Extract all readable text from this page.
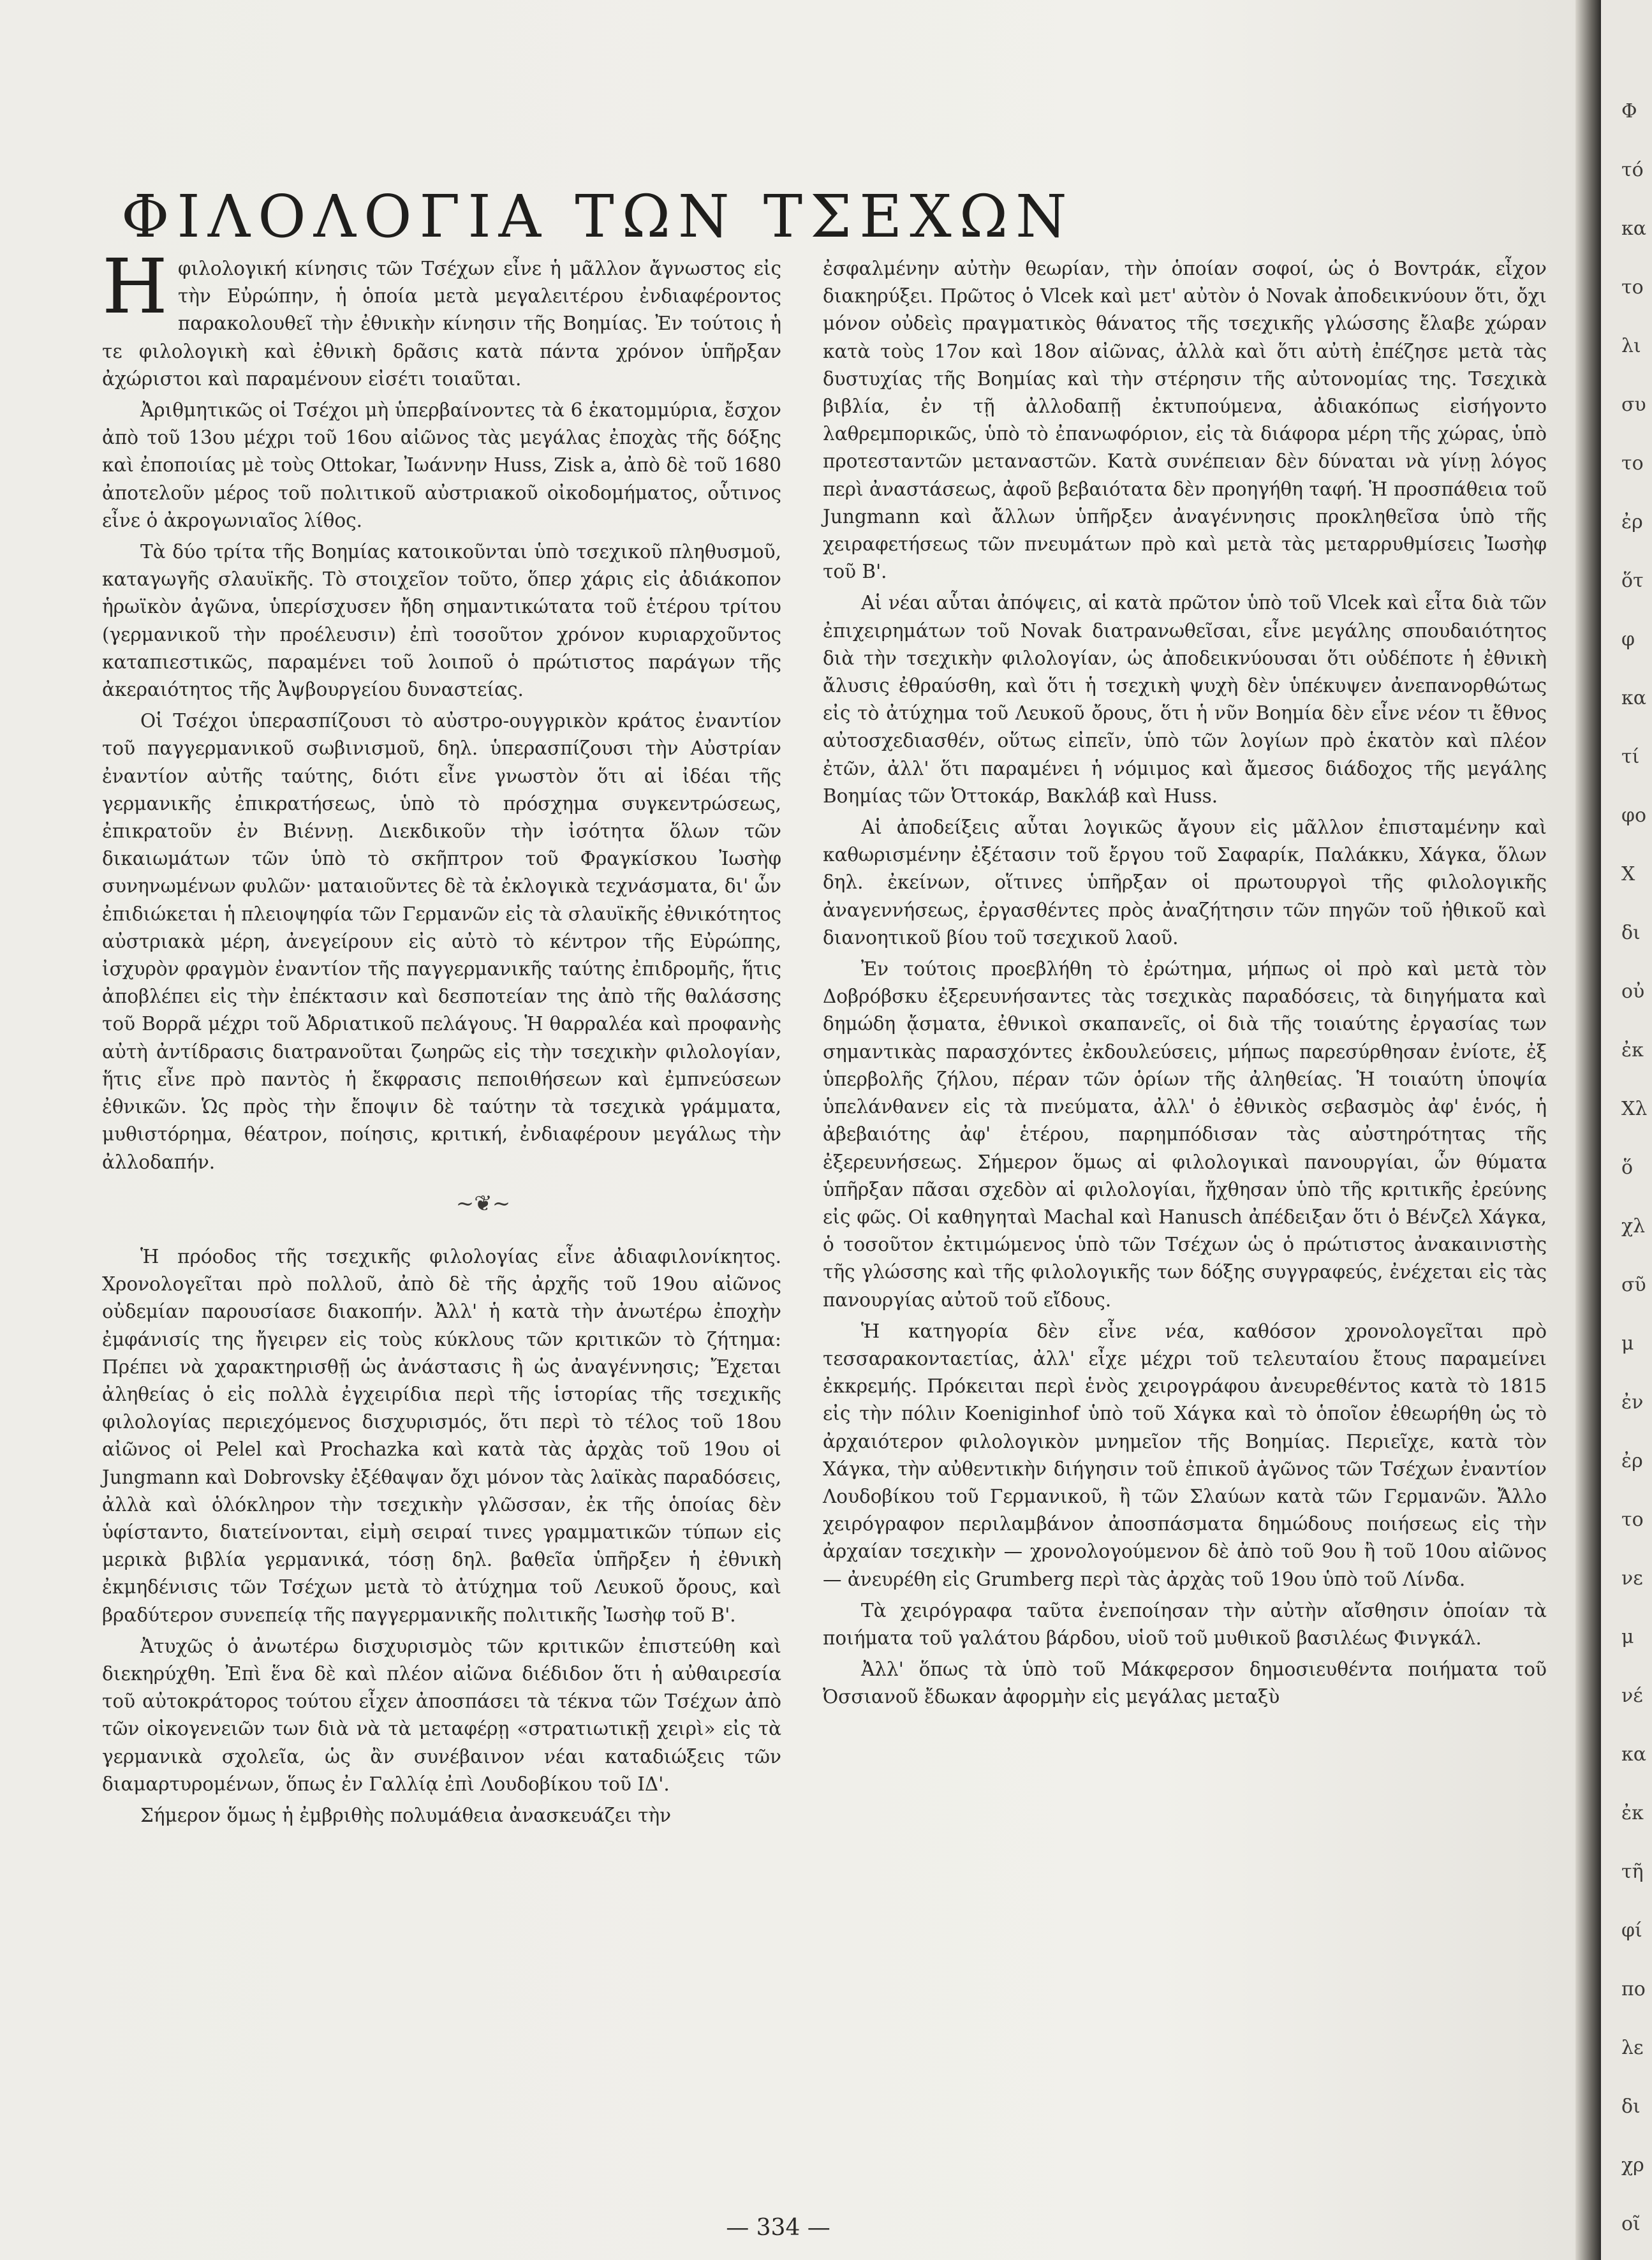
Φ
τό
κα
το
λι
συ
το
ἐρ
ὅτ
φ
κα
τί
φο
Χ
δι
οὐ
ἐκ
Χλ
ὅ
χλ
σῦ
μ
ἐν
ἐρ
το
νε
μ
νέ
κα
ἐκ
τῆ
φί
πο
λε
δι
χρ
οῖ
ΦΙΛΟΛΟΓΙΑ ΤΩΝ ΤΣΕΧΩΝ

Ηφιλολογική κίνησις τῶν Τσέχων εἶνε ἡ μᾶλλον ἄγνωστος εἰς τὴν Εὐρώπην, ἡ ὁποία μετὰ μεγαλειτέρου ἐνδιαφέροντος παρακολουθεῖ τὴν ἐθνικὴν κίνησιν τῆς Βοημίας. Ἐν τούτοις ἡ τε φιλολογικὴ καὶ ἐθνικὴ δρᾶσις κατὰ πάντα χρόνον ὑπῆρξαν ἀχώριστοι καὶ παραμένουν εἰσέτι τοιαῦται.

Ἀριθμητικῶς οἱ Τσέχοι μὴ ὑπερβαίνοντες τὰ 6 ἑκατομμύρια, ἔσχον ἀπὸ τοῦ 13ου μέχρι τοῦ 16ου αἰῶνος τὰς μεγάλας ἐποχὰς τῆς δόξης καὶ ἐποποιίας μὲ τοὺς Ottokar, Ἰωάννην Huss, Zisk a, ἀπὸ δὲ τοῦ 1680 ἀποτελοῦν μέρος τοῦ πολιτικοῦ αὐστριακοῦ οἰκοδομήματος, οὗτινος εἶνε ὁ ἀκρογωνιαῖος λίθος.

Τὰ δύο τρίτα τῆς Βοημίας κατοικοῦνται ὑπὸ τσεχικοῦ πληθυσμοῦ, καταγωγῆς σλαυϊκῆς. Τὸ στοιχεῖον τοῦτο, ὅπερ χάρις εἰς ἀδιάκοπον ἡρωϊκὸν ἀγῶνα, ὑπερίσχυσεν ἤδη σημαντικώτατα τοῦ ἑτέρου τρίτου (γερμανικοῦ τὴν προέλευσιν) ἐπὶ τοσοῦτον χρόνον κυριαρχοῦντος καταπιεστικῶς, παραμένει τοῦ λοιποῦ ὁ πρώτιστος παράγων τῆς ἀκεραιότητος τῆς Ἀψβουργείου δυναστείας.

Οἱ Τσέχοι ὑπερασπίζουσι τὸ αὐστρο-ουγγρικὸν κράτος ἐναντίον τοῦ παγγερμανικοῦ σωβινισμοῦ, δηλ. ὑπερασπίζουσι τὴν Αὐστρίαν ἐναντίον αὐτῆς ταύτης, διότι εἶνε γνωστὸν ὅτι αἱ ἰδέαι τῆς γερμανικῆς ἐπικρατήσεως, ὑπὸ τὸ πρόσχημα συγκεντρώσεως, ἐπικρατοῦν ἐν Βιέννῃ. Διεκδικοῦν τὴν ἰσότητα ὅλων τῶν δικαιωμάτων τῶν ὑπὸ τὸ σκῆπτρον τοῦ Φραγκίσκου Ἰωσὴφ συνηνωμένων φυλῶν· ματαιοῦντες δὲ τὰ ἐκλογικὰ τεχνάσματα, δι' ὧν ἐπιδιώκεται ἡ πλειοψηφία τῶν Γερμανῶν εἰς τὰ σλαυϊκῆς ἐθνικότητος αὐστριακὰ μέρη, ἀνεγείρουν εἰς αὐτὸ τὸ κέντρον τῆς Εὐρώπης, ἰσχυρὸν φραγμὸν ἐναντίον τῆς παγγερμανικῆς ταύτης ἐπιδρομῆς, ἥτις ἀποβλέπει εἰς τὴν ἐπέκτασιν καὶ δεσποτείαν της ἀπὸ τῆς θαλάσσης τοῦ Βορρᾶ μέχρι τοῦ Ἀδριατικοῦ πελάγους. Ἡ θαρραλέα καὶ προφανὴς αὐτὴ ἀντίδρασις διατρανοῦται ζωηρῶς εἰς τὴν τσεχικὴν φιλολογίαν, ἥτις εἶνε πρὸ παντὸς ἡ ἔκφρασις πεποιθήσεων καὶ ἐμπνεύσεων ἐθνικῶν. Ὡς πρὸς τὴν ἔποψιν δὲ ταύτην τὰ τσεχικὰ γράμματα, μυθιστόρημα, θέατρον, ποίησις, κριτική, ἐνδιαφέρουν μεγάλως τὴν ἀλλοδαπήν.

~❦~

Ἡ πρόοδος τῆς τσεχικῆς φιλολογίας εἶνε ἀδιαφιλονίκητος. Χρονολογεῖται πρὸ πολλοῦ, ἀπὸ δὲ τῆς ἀρχῆς τοῦ 19ου αἰῶνος οὐδεμίαν παρουσίασε διακοπήν. Ἀλλ' ἡ κατὰ τὴν ἀνωτέρω ἐποχὴν ἐμφάνισίς της ἤγειρεν εἰς τοὺς κύκλους τῶν κριτικῶν τὸ ζήτημα: Πρέπει νὰ χαρακτηρισθῇ ὡς ἀνάστασις ἢ ὡς ἀναγέννησις; Ἔχεται ἀληθείας ὁ εἰς πολλὰ ἐγχειρίδια περὶ τῆς ἱστορίας τῆς τσεχικῆς φιλολογίας περιεχόμενος δισχυρισμός, ὅτι περὶ τὸ τέλος τοῦ 18ου αἰῶνος οἱ Pelel καὶ Prochazka καὶ κατὰ τὰς ἀρχὰς τοῦ 19ου οἱ Jungmann καὶ Dobrovsky ἐξέθαψαν ὄχι μόνον τὰς λαϊκὰς παραδόσεις, ἀλλὰ καὶ ὁλόκληρον τὴν τσεχικὴν γλῶσσαν, ἐκ τῆς ὁποίας δὲν ὑφίσταντο, διατείνονται, εἰμὴ σειραί τινες γραμματικῶν τύπων εἰς μερικὰ βιβλία γερμανικά, τόσῃ δηλ. βαθεῖα ὑπῆρξεν ἡ ἐθνικὴ ἐκμηδένισις τῶν Τσέχων μετὰ τὸ ἀτύχημα τοῦ Λευκοῦ ὄρους, καὶ βραδύτερον συνεπείᾳ τῆς παγγερμανικῆς πολιτικῆς Ἰωσὴφ τοῦ Β'.

Ἀτυχῶς ὁ ἀνωτέρω δισχυρισμὸς τῶν κριτικῶν ἐπιστεύθη καὶ διεκηρύχθη. Ἐπὶ ἕνα δὲ καὶ πλέον αἰῶνα διέδιδον ὅτι ἡ αὐθαιρεσία τοῦ αὐτοκράτορος τούτου εἶχεν ἀποσπάσει τὰ τέκνα τῶν Τσέχων ἀπὸ τῶν οἰκογενειῶν των διὰ νὰ τὰ μεταφέρῃ «στρατιωτικῇ χειρὶ» εἰς τὰ γερμανικὰ σχολεῖα, ὡς ἂν συνέβαινον νέαι καταδιώξεις τῶν διαμαρτυρομένων, ὅπως ἐν Γαλλίᾳ ἐπὶ Λουδοβίκου τοῦ ΙΔ'.

Σήμερον ὅμως ἡ ἐμβριθὴς πολυμάθεια ἀνασκευάζει τὴν

ἐσφαλμένην αὐτὴν θεωρίαν, τὴν ὁποίαν σοφοί, ὡς ὁ Bovτράκ, εἶχον διακηρύξει. Πρῶτος ὁ Vlcek καὶ μετ' αὐτὸν ὁ Novak ἀποδεικνύουν ὅτι, ὄχι μόνον οὐδεὶς πραγματικὸς θάνατος τῆς τσεχικῆς γλώσσης ἔλαβε χώραν κατὰ τοὺς 17ον καὶ 18ον αἰῶνας, ἀλλὰ καὶ ὅτι αὐτὴ ἐπέζησε μετὰ τὰς δυστυχίας τῆς Βοημίας καὶ τὴν στέρησιν τῆς αὐτονομίας της. Τσεχικὰ βιβλία, ἐν τῇ ἀλλοδαπῇ ἐκτυπούμενα, ἀδιακόπως εἰσήγοντο λαθρεμπορικῶς, ὑπὸ τὸ ἐπανωφόριον, εἰς τὰ διάφορα μέρη τῆς χώρας, ὑπὸ προτεσταντῶν μεταναστῶν. Κατὰ συνέπειαν δὲν δύναται νὰ γίνῃ λόγος περὶ ἀναστάσεως, ἀφοῦ βεβαιότατα δὲν προηγήθη ταφή. Ἡ προσπάθεια τοῦ Jungmann καὶ ἄλλων ὑπῆρξεν ἀναγέννησις προκληθεῖσα ὑπὸ τῆς χειραφετήσεως τῶν πνευμάτων πρὸ καὶ μετὰ τὰς μεταρρυθμίσεις Ἰωσὴφ τοῦ Β'.

Αἱ νέαι αὗται ἀπόψεις, αἱ κατὰ πρῶτον ὑπὸ τοῦ Vlcek καὶ εἶτα διὰ τῶν ἐπιχειρημάτων τοῦ Novak διατρανωθεῖσαι, εἶνε μεγάλης σπουδαιότητος διὰ τὴν τσεχικὴν φιλολογίαν, ὡς ἀποδεικνύουσαι ὅτι οὐδέποτε ἡ ἐθνικὴ ἄλυσις ἐθραύσθη, καὶ ὅτι ἡ τσεχικὴ ψυχὴ δὲν ὑπέκυψεν ἀνεπανορθώτως εἰς τὸ ἀτύχημα τοῦ Λευκοῦ ὄρους, ὅτι ἡ νῦν Βοημία δὲν εἶνε νέον τι ἔθνος αὐτοσχεδιασθέν, οὕτως εἰπεῖν, ὑπὸ τῶν λογίων πρὸ ἑκατὸν καὶ πλέον ἐτῶν, ἀλλ' ὅτι παραμένει ἡ νόμιμος καὶ ἄμεσος διάδοχος τῆς μεγάλης Βοημίας τῶν Ὀττοκάρ, Βακλάβ καὶ Huss.

Αἱ ἀποδείξεις αὗται λογικῶς ἄγουν εἰς μᾶλλον ἐπισταμένην καὶ καθωρισμένην ἐξέτασιν τοῦ ἔργου τοῦ Σαφαρίκ, Παλάκκυ, Χάγκα, ὅλων δηλ. ἐκείνων, οἵτινες ὑπῆρξαν οἱ πρωτουργοὶ τῆς φιλολογικῆς ἀναγεννήσεως, ἐργασθέντες πρὸς ἀναζήτησιν τῶν πηγῶν τοῦ ἠθικοῦ καὶ διανοητικοῦ βίου τοῦ τσεχικοῦ λαοῦ.

Ἐν τούτοις προεβλήθη τὸ ἐρώτημα, μήπως οἱ πρὸ καὶ μετὰ τὸν Δοβρόβσκυ ἐξερευνήσαντες τὰς τσεχικὰς παραδόσεις, τὰ διηγήματα καὶ δημώδη ᾄσματα, ἐθνικοὶ σκαπανεῖς, οἱ διὰ τῆς τοιαύτης ἐργασίας των σημαντικὰς παρασχόντες ἐκδουλεύσεις, μήπως παρεσύρθησαν ἐνίοτε, ἐξ ὑπερβολῆς ζήλου, πέραν τῶν ὁρίων τῆς ἀληθείας. Ἡ τοιαύτη ὑποψία ὑπελάνθανεν εἰς τὰ πνεύματα, ἀλλ' ὁ ἐθνικὸς σεβασμὸς ἀφ' ἑνός, ἡ ἀβεβαιότης ἀφ' ἑτέρου, παρημπόδισαν τὰς αὐστηρότητας τῆς ἐξερευνήσεως. Σήμερον ὅμως αἱ φιλολογικαὶ πανουργίαι, ὧν θύματα ὑπῆρξαν πᾶσαι σχεδὸν αἱ φιλολογίαι, ἤχθησαν ὑπὸ τῆς κριτικῆς ἐρεύνης εἰς φῶς. Οἱ καθηγηταὶ Machal καὶ Hanusch ἀπέδειξαν ὅτι ὁ Βένζελ Χάγκα, ὁ τοσοῦτον ἐκτιμώμενος ὑπὸ τῶν Τσέχων ὡς ὁ πρώτιστος ἀνακαινιστὴς τῆς γλώσσης καὶ τῆς φιλολογικῆς των δόξης συγγραφεύς, ἐνέχεται εἰς τὰς πανουργίας αὐτοῦ τοῦ εἴδους.

Ἡ κατηγορία δὲν εἶνε νέα, καθόσον χρονολογεῖται πρὸ τεσσαρακονταετίας, ἀλλ' εἶχε μέχρι τοῦ τελευταίου ἔτους παραμείνει ἐκκρεμής. Πρόκειται περὶ ἑνὸς χειρογράφου ἀνευρεθέντος κατὰ τὸ 1815 εἰς τὴν πόλιν Koeniginhof ὑπὸ τοῦ Χάγκα καὶ τὸ ὁποῖον ἐθεωρήθη ὡς τὸ ἀρχαιότερον φιλολογικὸν μνημεῖον τῆς Βοημίας. Περιεῖχε, κατὰ τὸν Χάγκα, τὴν αὐθεντικὴν διήγησιν τοῦ ἐπικοῦ ἀγῶνος τῶν Τσέχων ἐναντίον Λουδοβίκου τοῦ Γερμανικοῦ, ἢ τῶν Σλαύων κατὰ τῶν Γερμανῶν. Ἄλλο χειρόγραφον περιλαμβάνον ἀποσπάσματα δημώδους ποιήσεως εἰς τὴν ἀρχαίαν τσεχικὴν — χρονολογούμενον δὲ ἀπὸ τοῦ 9ου ἢ τοῦ 10ου αἰῶνος — ἀνευρέθη εἰς Grumberg περὶ τὰς ἀρχὰς τοῦ 19ου ὑπὸ τοῦ Λίνδα.

Τὰ χειρόγραφα ταῦτα ἐνεποίησαν τὴν αὐτὴν αἴσθησιν ὁποίαν τὰ ποιήματα τοῦ γαλάτου βάρδου, υἱοῦ τοῦ μυθικοῦ βασιλέως Φινγκάλ.

Ἀλλ' ὅπως τὰ ὑπὸ τοῦ Μάκφερσον δημοσιευθέντα ποιήματα τοῦ Ὀσσιανοῦ ἔδωκαν ἀφορμὴν εἰς μεγάλας μεταξὺ

— 334 —
